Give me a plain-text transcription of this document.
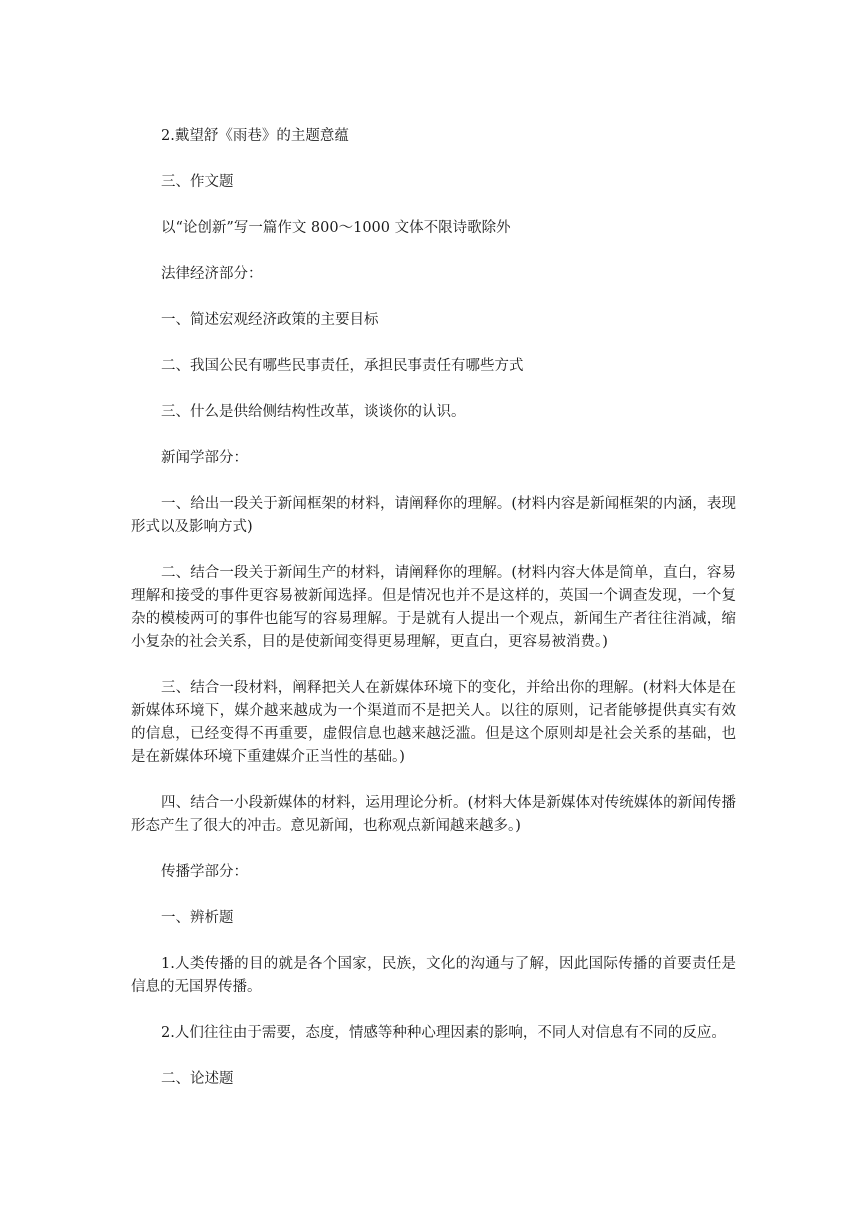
2.戴望舒《雨巷》的主题意蕴

三、作文题

以“论创新”写一篇作文 800～1000 文体不限诗歌除外

法律经济部分：

一、简述宏观经济政策的主要目标

二、我国公民有哪些民事责任，承担民事责任有哪些方式

三、什么是供给侧结构性改革，谈谈你的认识。

新闻学部分：

一、给出一段关于新闻框架的材料，请阐释你的理解。(材料内容是新闻框架的内涵，表现形式以及影响方式)

二、结合一段关于新闻生产的材料，请阐释你的理解。(材料内容大体是简单，直白，容易理解和接受的事件更容易被新闻选择。但是情况也并不是这样的，英国一个调查发现，一个复杂的模棱两可的事件也能写的容易理解。于是就有人提出一个观点，新闻生产者往往消减，缩小复杂的社会关系，目的是使新闻变得更易理解，更直白，更容易被消费。)

三、结合一段材料，阐释把关人在新媒体环境下的变化，并给出你的理解。(材料大体是在新媒体环境下，媒介越来越成为一个渠道而不是把关人。以往的原则，记者能够提供真实有效的信息，已经变得不再重要，虚假信息也越来越泛滥。但是这个原则却是社会关系的基础，也是在新媒体环境下重建媒介正当性的基础。)

四、结合一小段新媒体的材料，运用理论分析。(材料大体是新媒体对传统媒体的新闻传播形态产生了很大的冲击。意见新闻，也称观点新闻越来越多。)

传播学部分：

一、辨析题

1.人类传播的目的就是各个国家，民族，文化的沟通与了解，因此国际传播的首要责任是信息的无国界传播。

2.人们往往由于需要，态度，情感等种种心理因素的影响，不同人对信息有不同的反应。

二、论述题
